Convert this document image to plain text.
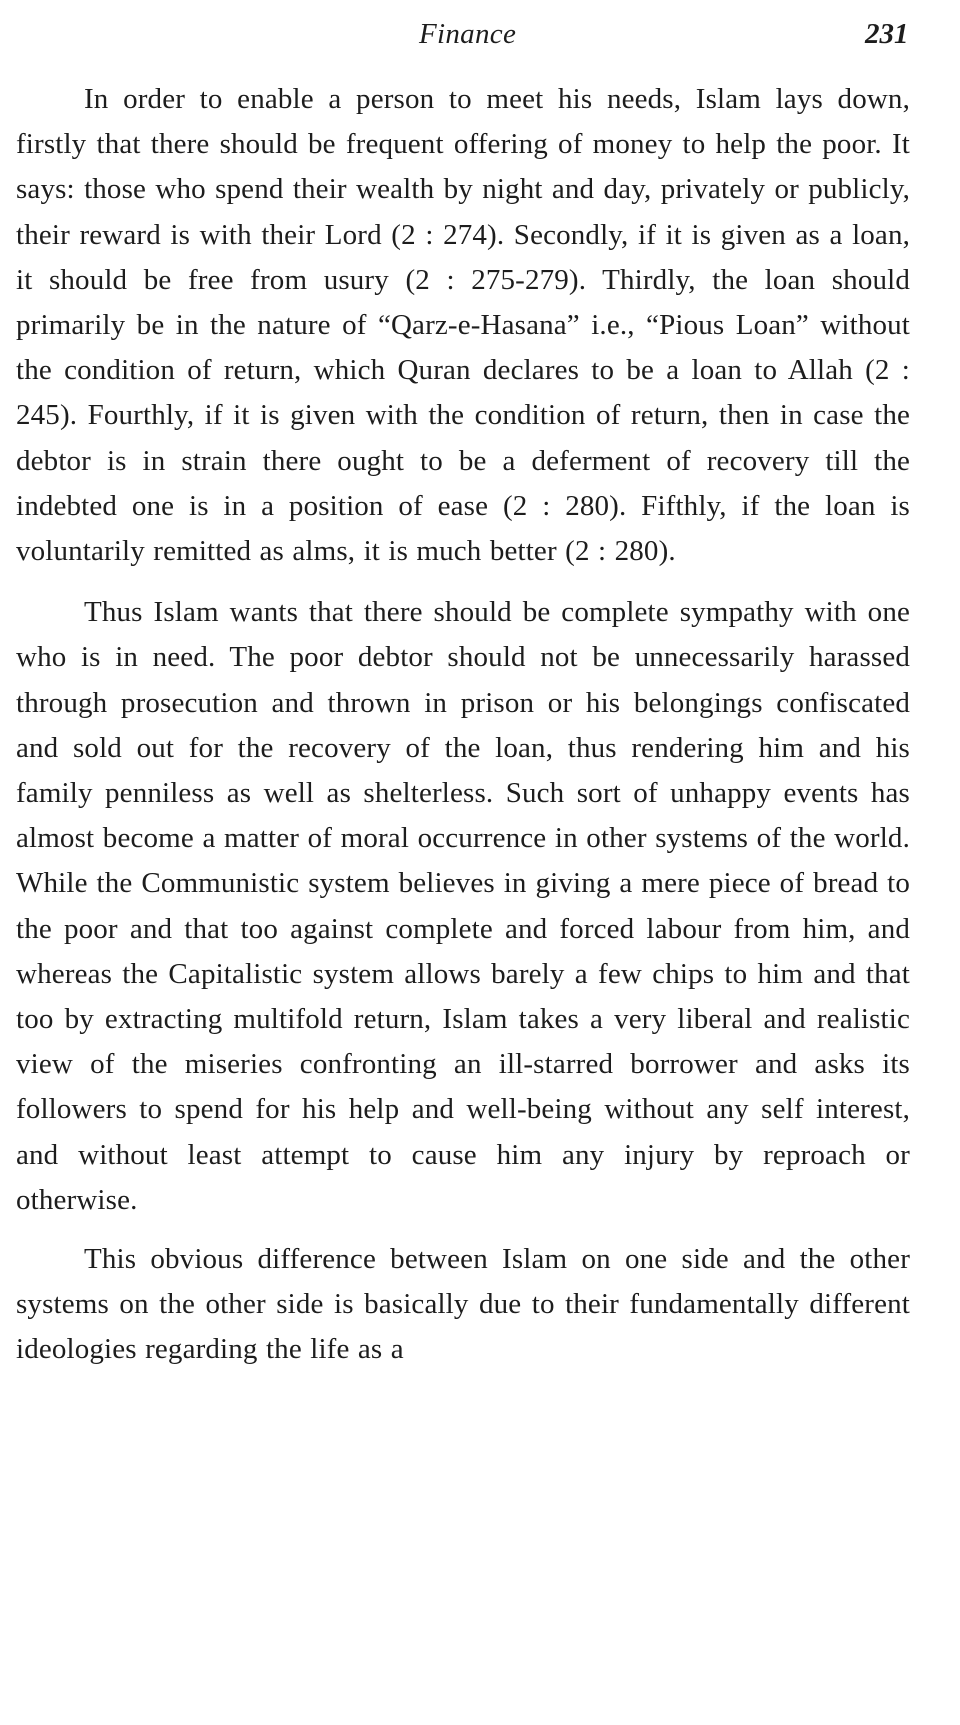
Finance	231

In order to enable a person to meet his needs, Islam lays down, firstly that there should be frequent offering of money to help the poor. It says: those who spend their wealth by night and day, privately or publicly, their reward is with their Lord (2 : 274). Secondly, if it is given as a loan, it should be free from usury (2 : 275-279). Thirdly, the loan should primarily be in the nature of “Qarz-e-Hasana” i.e., “Pious Loan” without the condition of return, which Quran declares to be a loan to Allah (2 : 245). Fourthly, if it is given with the condition of return, then in case the debtor is in strain there ought to be a deferment of recovery till the indebted one is in a position of ease (2 : 280). Fifthly, if the loan is voluntarily remitted as alms, it is much better (2 : 280).

Thus Islam wants that there should be complete sympathy with one who is in need. The poor debtor should not be unnecessarily harassed through prosecution and thrown in prison or his belongings confiscated and sold out for the recovery of the loan, thus rendering him and his family penniless as well as shelterless. Such sort of unhappy events has almost become a matter of moral occurrence in other systems of the world. While the Communistic system believes in giving a mere piece of bread to the poor and that too against complete and forced labour from him, and whereas the Capitalistic system allows barely a few chips to him and that too by extracting multifold return, Islam takes a very liberal and realistic view of the miseries confronting an ill-starred borrower and asks its followers to spend for his help and well-being without any self interest, and without least attempt to cause him any injury by reproach or otherwise.

This obvious difference between Islam on one side and the other systems on the other side is basically due to their fundamentally different ideologies regarding the life as a
